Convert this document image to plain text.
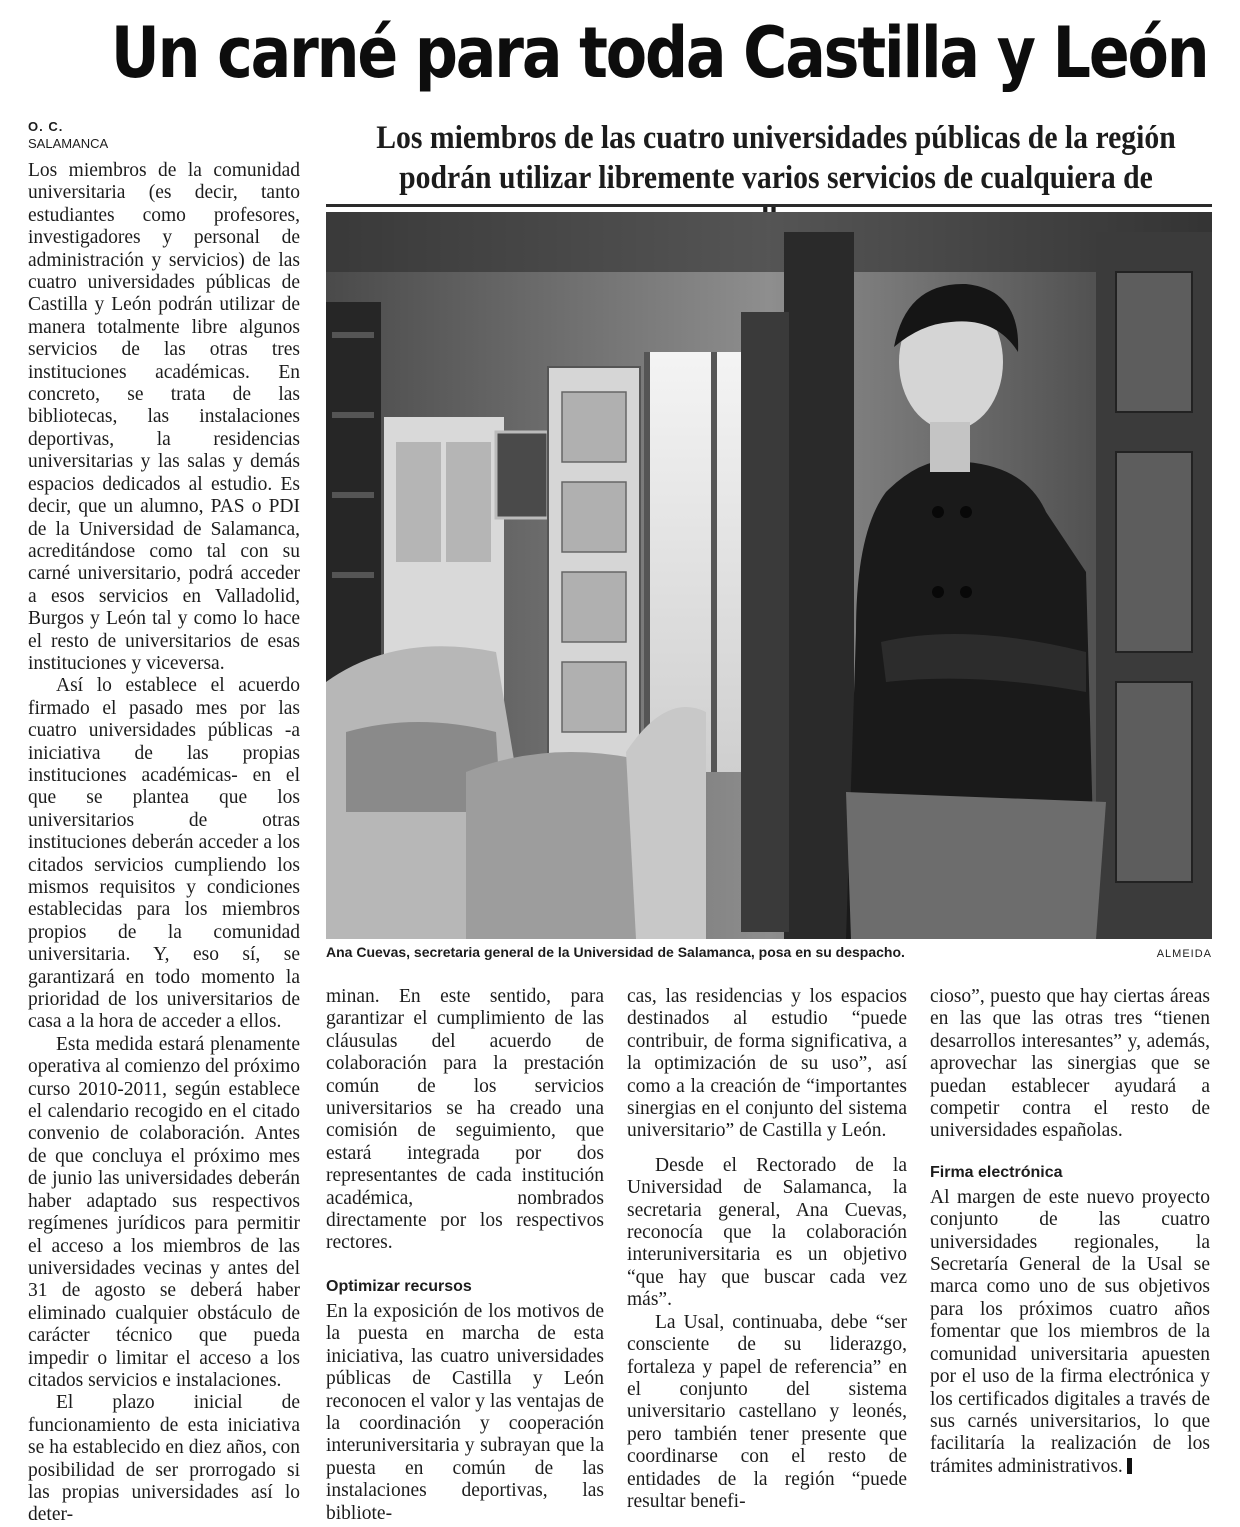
Un carné para toda Castilla y León
O. C.
SALAMANCA	Los miembros de las cuatro universidades públicas de la región
podrán utilizar libremente varios servicios de cualquiera de

Los miembros de la comunidad universitaria (es decir, tanto estudiantes como profesores, investigadores y personal de administración y servicios) de las cuatro universidades públicas de Castilla y León podrán utilizar de manera totalmente libre algunos servicios de las otras tres instituciones académicas. En concreto, se trata de las bibliotecas, las instalaciones deportivas, la residencias universitarias y las salas y demás espacios dedicados al estudio. Es decir, que un alumno, PAS o PDI de la Universidad de Salamanca, acreditándose como tal con su carné universitario, podrá acceder a esos servicios en Valladolid, Burgos y León tal y como lo hace el resto de universitarios de esas instituciones y viceversa.

Así lo establece el acuerdo firmado el pasado mes por las cuatro universidades públicas -a iniciativa de las propias instituciones académicas- en el que se plantea que los universitarios de otras instituciones deberán acceder a los citados servicios cumpliendo los mismos requisitos y condiciones establecidas para los miembros propios de la comunidad universitaria. Y, eso sí, se garantizará en todo momento la prioridad de los universitarios de casa a la hora de acceder a ellos.

Esta medida estará plenamente operativa al comienzo del próximo curso 2010-2011, según establece el calendario recogido en el citado convenio de colaboración. Antes de que concluya el próximo mes de junio las universidades deberán haber adaptado sus respectivos regímenes jurídicos para permitir el acceso a los miembros de las universidades vecinas y antes del 31 de agosto se deberá haber eliminado cualquier obstáculo de carácter técnico que pueda impedir o limitar el acceso a los citados servicios e instalaciones.

El plazo inicial de funcionamiento de esta iniciativa se ha establecido en diez años, con posibilidad de ser prorrogado si las propias universidades así lo deter-

Ana Cuevas, secretaria general de la Universidad de Salamanca, posa en su despacho.	ALMEIDA

minan. En este sentido, para garantizar el cumplimiento de las cláusulas del acuerdo de colaboración para la prestación común de los servicios universitarios se ha creado una comisión de seguimiento, que estará integrada por dos representantes de cada institución académica, nombrados directamente por los respectivos rectores.

Optimizar recursos

En la exposición de los motivos de la puesta en marcha de esta iniciativa, las cuatro universidades públicas de Castilla y León reconocen el valor y las ventajas de la coordinación y cooperación interuniversitaria y subrayan que la puesta en común de las instalaciones deportivas, las bibliote-

cas, las residencias y los espacios destinados al estudio “puede contribuir, de forma significativa, a la optimización de su uso”, así como a la creación de “importantes sinergias en el conjunto del sistema universitario” de Castilla y León.

Desde el Rectorado de la Universidad de Salamanca, la secretaria general, Ana Cuevas, reconocía que la colaboración interuniversitaria es un objetivo “que hay que buscar cada vez más”.

La Usal, continuaba, debe “ser consciente de su liderazgo, fortaleza y papel de referencia” en el conjunto del sistema universitario castellano y leonés, pero también tener presente que coordinarse con el resto de entidades de la región “puede resultar benefi-

cioso”, puesto que hay ciertas áreas en las que las otras tres “tienen desarrollos interesantes” y, además, aprovechar las sinergias que se puedan establecer ayudará a competir contra el resto de universidades españolas.

Firma electrónica

Al margen de este nuevo proyecto conjunto de las cuatro universidades regionales, la Secretaría General de la Usal se marca como uno de sus objetivos para los próximos cuatro años fomentar que los miembros de la comunidad universitaria apuesten por el uso de la firma electrónica y los certificados digitales a través de sus carnés universitarios, lo que facilitaría la realización de los trámites administrativos.
